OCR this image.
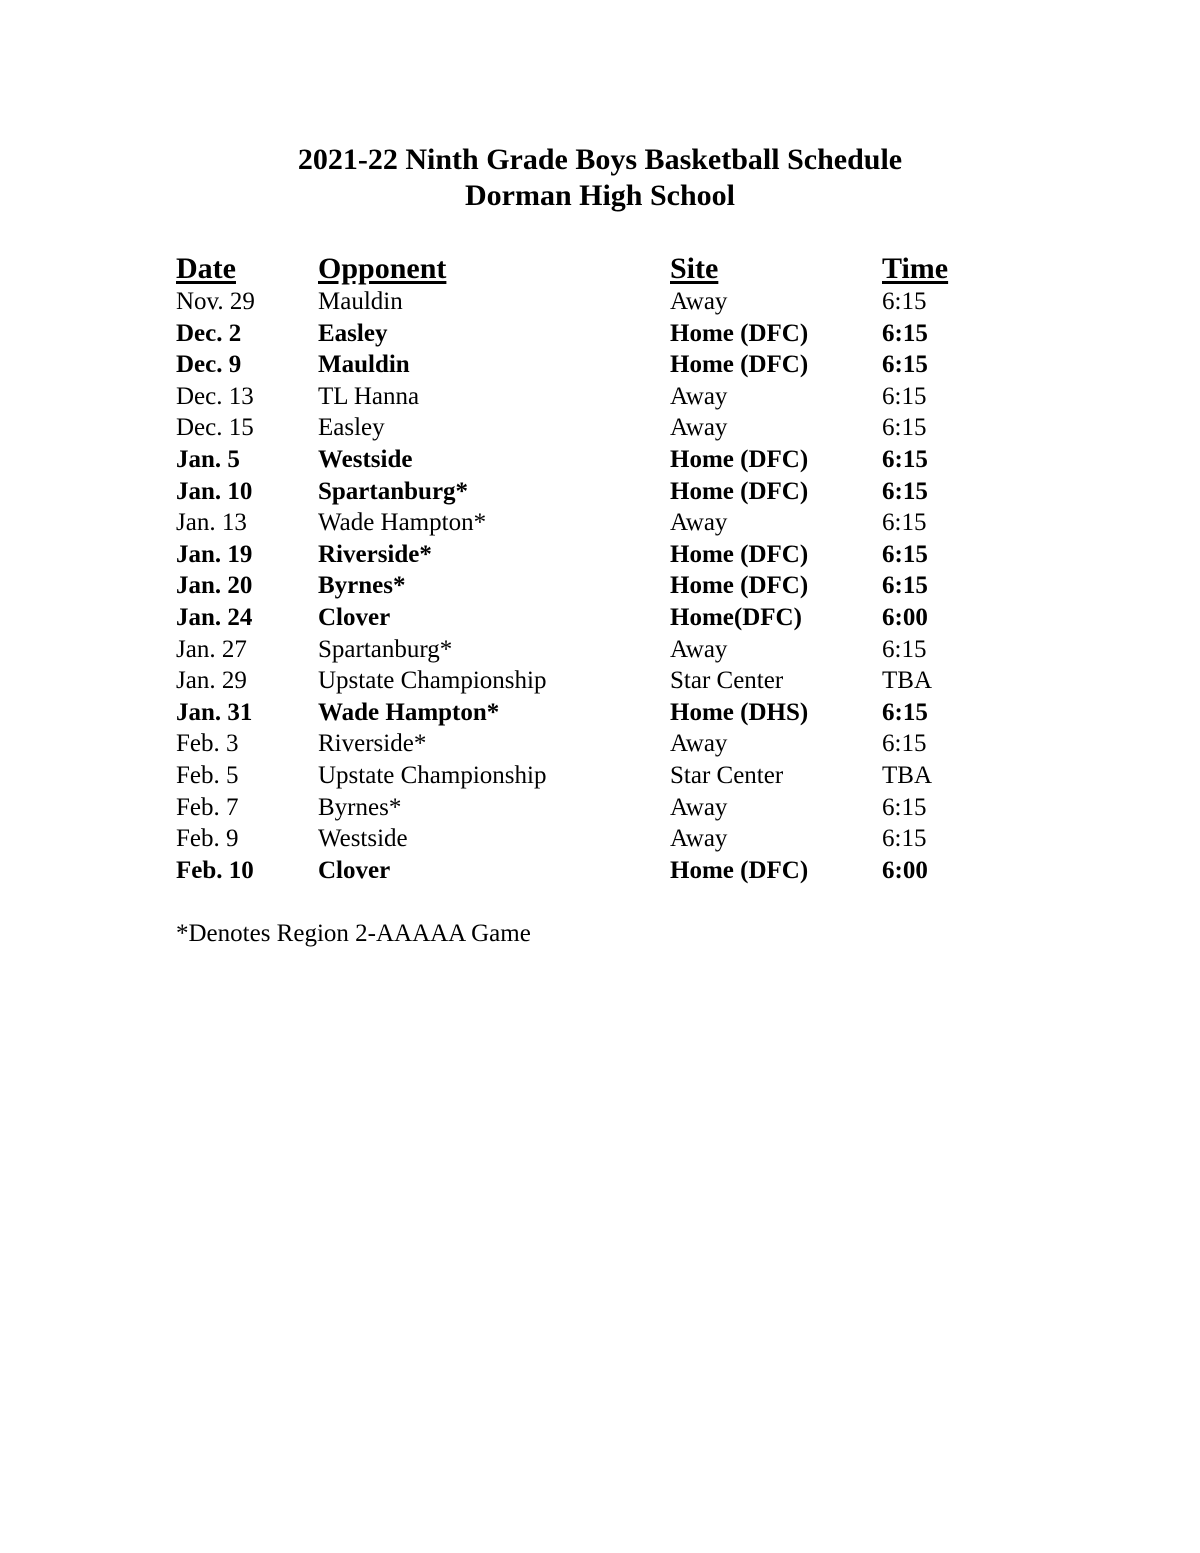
2021-22 Ninth Grade Boys Basketball Schedule
Dorman High School
Date	Opponent	Site	Time
Nov. 29	Mauldin	Away	6:15
Dec. 2	Easley	Home (DFC)	6:15
Dec. 9	Mauldin	Home (DFC)	6:15
Dec. 13	TL Hanna	Away	6:15
Dec. 15	Easley	Away	6:15
Jan. 5	Westside	Home (DFC)	6:15
Jan. 10	Spartanburg*	Home (DFC)	6:15
Jan. 13	Wade Hampton*	Away	6:15
Jan. 19	Riverside*	Home (DFC)	6:15
Jan. 20	Byrnes*	Home (DFC)	6:15
Jan. 24	Clover	Home(DFC)	6:00
Jan. 27	Spartanburg*	Away	6:15
Jan. 29	Upstate Championship	Star Center	TBA
Jan. 31	Wade Hampton*	Home (DHS)	6:15
Feb. 3	Riverside*	Away	6:15
Feb. 5	Upstate Championship	Star Center	TBA
Feb. 7	Byrnes*	Away	6:15
Feb. 9	Westside	Away	6:15
Feb. 10	Clover	Home (DFC)	6:00
*Denotes Region 2-AAAAA Game
